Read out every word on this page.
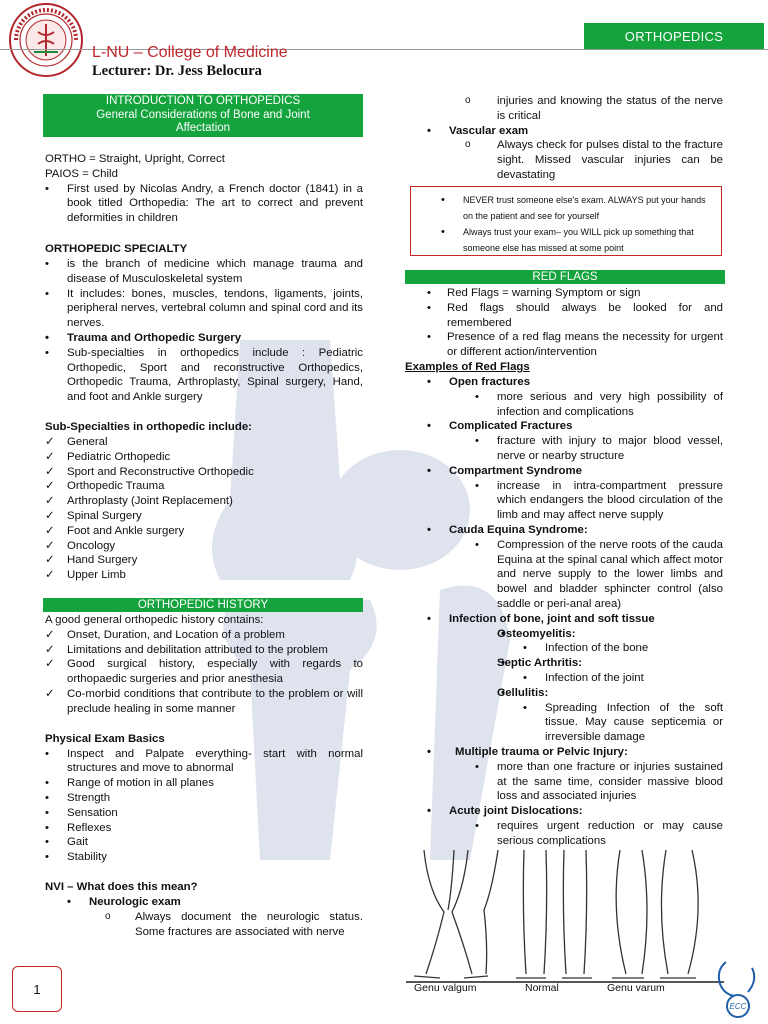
ORTHOPEDICS
L-NU – College of Medicine
Lecturer: Dr. Jess Belocura
INTRODUCTION TO ORTHOPEDICS
General Considerations of Bone and Joint
Affectation

ORTHO = Straight, Upright, Correct

PAIOS = Child

• First used by Nicolas Andry, a French doctor (1841) in a book titled Orthopedia: The art to correct and prevent deformities in children

ORTHOPEDIC SPECIALTY

• is the branch of medicine which manage trauma and disease of Musculoskeletal system

• It includes: bones, muscles, tendons, ligaments, joints, peripheral nerves, vertebral column and spinal cord and its nerves.

• Trauma and Orthopedic Surgery

• Sub-specialties in orthopedics include : Pediatric Orthopedic, Sport and reconstructive Orthopedics, Orthopedic Trauma, Arthroplasty, Spinal surgery, Hand, and foot and Ankle surgery

Sub-Specialties in orthopedic include:

✓ General

✓ Pediatric Orthopedic

✓ Sport and Reconstructive Orthopedic

✓ Orthopedic Trauma

✓ Arthroplasty (Joint Replacement)

✓ Spinal Surgery

✓ Foot and Ankle surgery

✓ Oncology

✓ Hand Surgery

✓ Upper Limb

ORTHOPEDIC HISTORY

A good general orthopedic history contains:

✓ Onset, Duration, and Location of a problem

✓ Limitations and debilitation attributed to the problem

✓ Good surgical history, especially with regards to orthopaedic surgeries and prior anesthesia

✓ Co-morbid conditions that contribute to the problem or will preclude healing in some manner

Physical Exam Basics

• Inspect and Palpate everything- start with normal structures and move to abnormal

• Range of motion in all planes

• Strength

• Sensation

• Reflexes

• Gait

• Stability

NVI – What does this mean?

• Neurologic exam

o Always document the neurologic status. Some fractures are associated with nerve

o injuries and knowing the status of the nerve is critical

• Vascular exam

o Always check for pulses distal to the fracture sight. Missed vascular injuries can be devastating

• NEVER trust someone else's exam. ALWAYS put your hands on the patient and see for yourself

• Always trust your exam– you WILL pick up something that someone else has missed at some point

RED FLAGS

• Red Flags = warning Symptom or sign

• Red flags should always be looked for and remembered

• Presence of a red flag means the necessity for urgent or different action/intervention

Examples of Red Flags

• Open fractures

• more serious and very high possibility of infection and complications

• Complicated Fractures

• fracture with injury to major blood vessel, nerve or nearby structure

• Compartment Syndrome

• increase in intra-compartment pressure which endangers the blood circulation of the limb and may affect nerve supply

• Cauda Equina Syndrome:

• Compression of the nerve roots of the cauda Equina at the spinal canal which affect motor and nerve supply to the lower limbs and bowel and bladder sphincter control (also saddle or peri-anal area)

• Infection of bone, joint and soft tissue

• Osteomyelitis:

• Infection of the bone

• Septic Arthritis:

• Infection of the joint

• Cellulitis:

• Spreading Infection of the soft tissue. May cause septicemia or irreversible damage

• Multiple trauma or Pelvic Injury:

• more than one fracture or injuries sustained at the same time, consider massive blood loss and associated injuries

• Acute joint Dislocations:

• requires urgent reduction or may cause serious complications

Genu valgum	Normal	Genu varum
1
ECC
